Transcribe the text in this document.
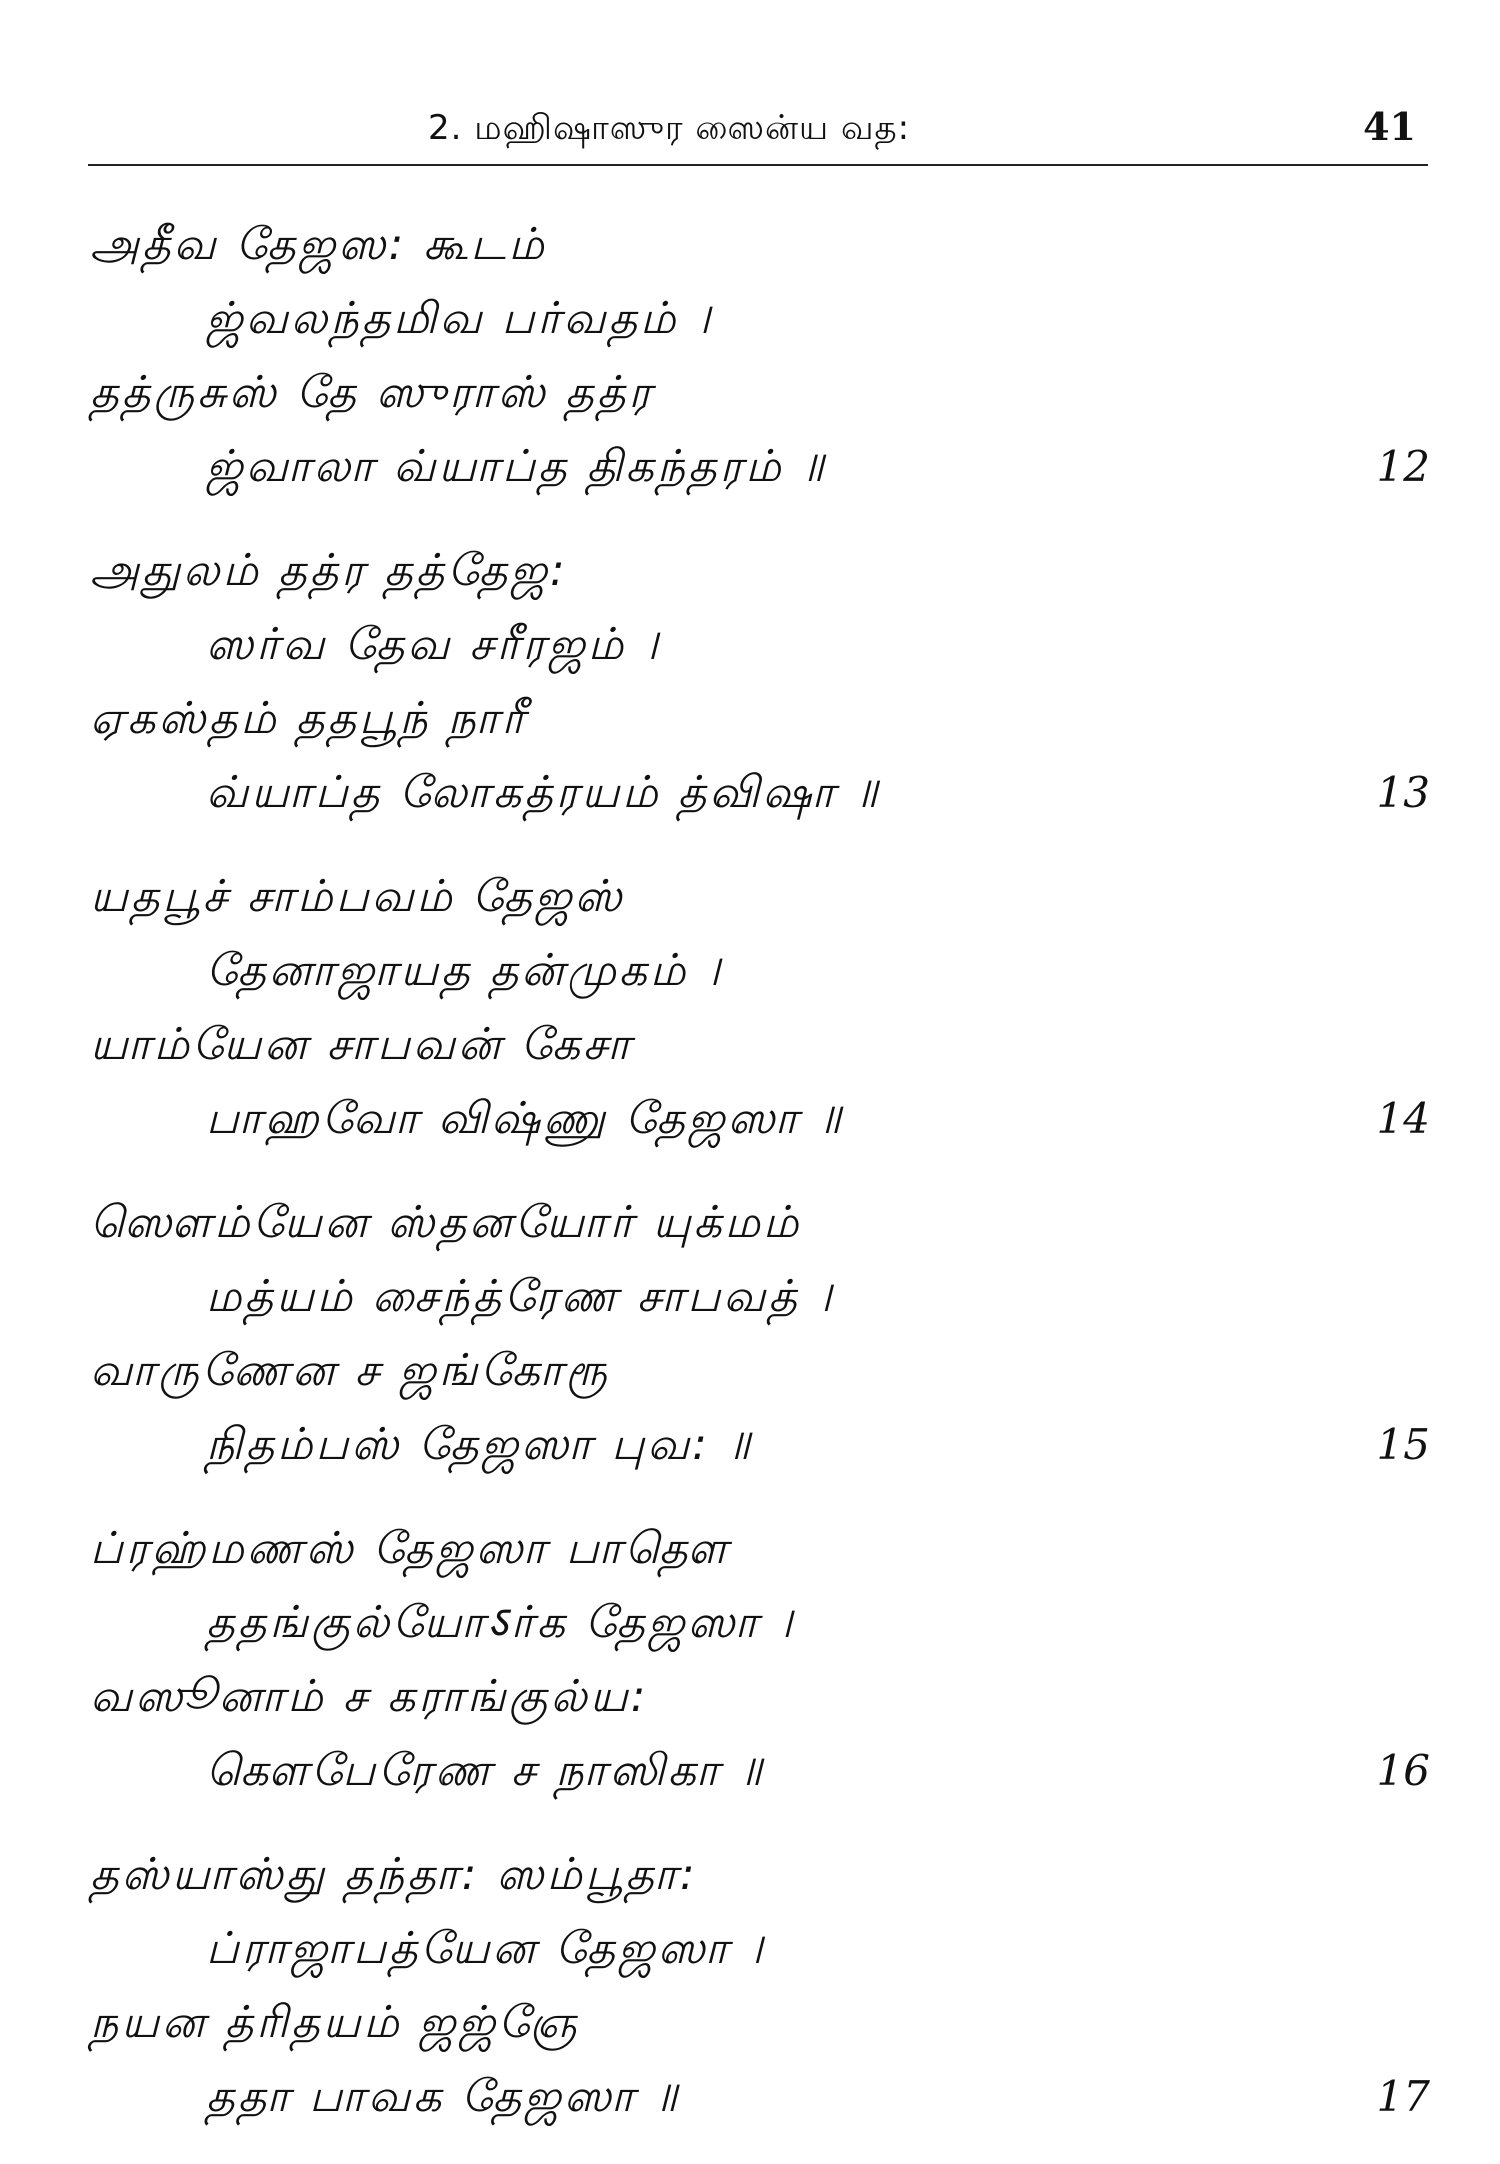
2. மஹிஷாஸுர ஸைன்ய வத:	41
அதீவ தேஜஸ: கூடம்
ஜ்வலந்தமிவ பர்வதம் ।
தத்ருசுஸ் தே ஸுராஸ் தத்ர
ஜ்வாலா வ்யாப்த திகந்தரம் ॥	12
அதுலம் தத்ர தத்தேஜ:
ஸர்வ தேவ சரீரஜம் ।
ஏகஸ்தம் தத‌பூந் நாரீ
வ்யாப்த லோகத்ரயம் த்விஷா ॥	13
யதபூச் சாம்பவம் தேஜஸ்
தேனாஜாயத தன்முகம் ।
யாம்யேன சாபவன் கேசா
பாஹவோ விஷ்ணு தேஜஸா ॥	14
ஸௌம்யேன ஸ்தனயோர் யுக்மம்
மத்யம் சைந்த்ரேண சாபவத் ।
வாருணேன ச ஜங்கோரூ
நிதம்பஸ் தேஜஸா புவ: ॥	15
ப்ரஹ்மணஸ் தேஜஸா பாதௌ
ததங்குல்யோऽர்க தேஜஸா ।
வஸூனாம் ச கராங்குல்ய:
கௌபேரேண ச நாஸிகா ॥	16
தஸ்யாஸ்து தந்தா: ஸம்பூதா:
ப்ராஜாபத்யேன தேஜஸா ।
நயன த்ரிதயம் ஜஜ்ஞே
ததா பாவக தேஜஸா ॥	17
